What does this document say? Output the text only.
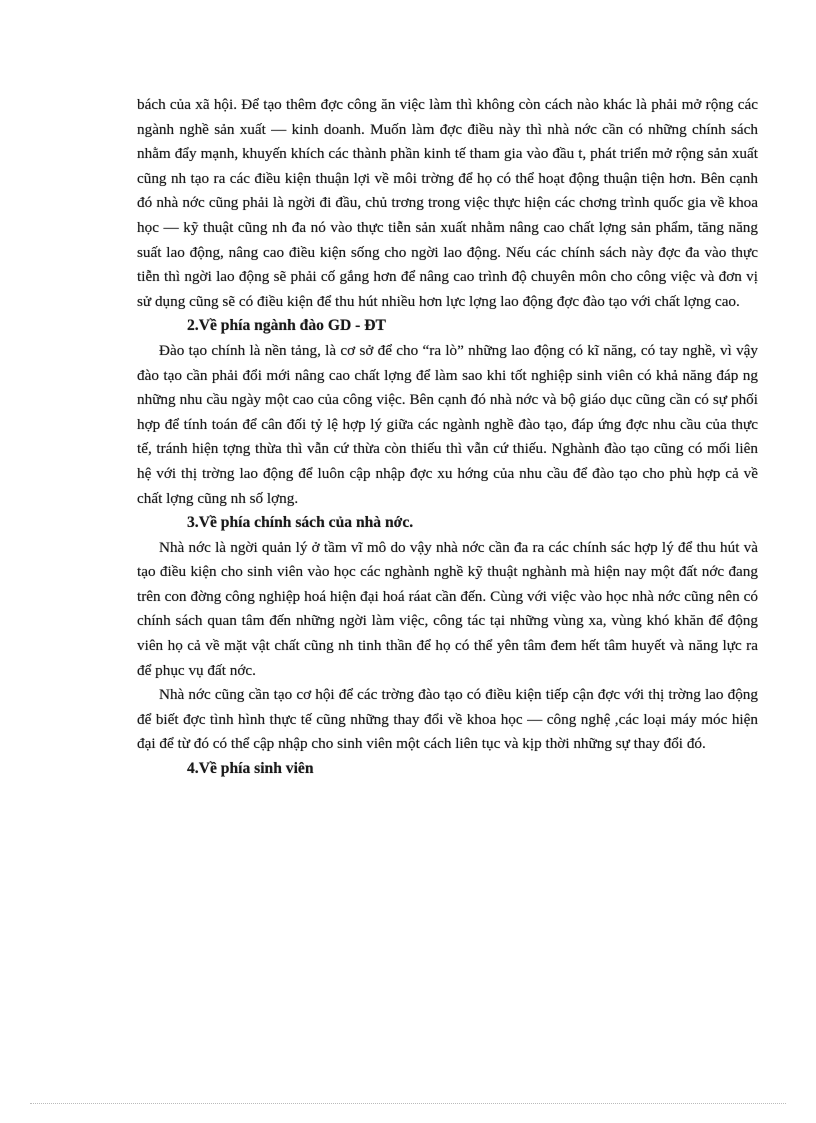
bách của xã hội. Để tạo thêm đợc công ăn việc làm thì không còn cách nào khác là phải mở rộng các ngành nghề sản xuất — kinh doanh. Muốn làm đợc điều này thì nhà nớc cần có những chính sách nhằm đẩy mạnh, khuyến khích các thành phần kinh tế tham gia vào đầu t, phát triển mở rộng sản xuất cũng nh tạo ra các điều kiện thuận lợi về môi trờng để họ có thể hoạt động thuận tiện hơn. Bên cạnh đó nhà nớc cũng phải là ngời đi đầu, chủ trơng trong việc thực hiện các chơng trình quốc gia về khoa học — kỹ thuật cũng nh đa nó vào thực tiễn sản xuất nhằm nâng cao chất lợng sản phẩm, tăng năng suất lao động, nâng cao điều kiện sống cho ngời lao động. Nếu các chính sách này đợc đa vào thực tiễn thì ngời lao động sẽ phải cố gắng hơn để nâng cao trình độ chuyên môn cho công việc và đơn vị sử dụng cũng sẽ có điều kiện để thu hút nhiều hơn lực lợng lao động đợc đào tạo với chất lợng cao.

2.Về phía ngành đào GD - ĐT

Đào tạo chính là nền tảng, là cơ sở để cho “ra lò” những lao động có kĩ năng, có tay nghề, vì vậy đào tạo cần phải đổi mới nâng cao chất lợng để làm sao khi tốt nghiệp sinh viên có khả năng đáp ng những nhu cầu ngày một cao của công việc. Bên cạnh đó nhà nớc và bộ giáo dục cũng cần có sự phối hợp để tính toán để cân đối tỷ lệ hợp lý giữa các ngành nghề đào tạo, đáp ứng đợc nhu cầu của thực tế, tránh hiện tợng thừa thì vẫn cứ thừa còn thiếu thì vẫn cứ thiếu. Nghành đào tạo cũng có mối liên hệ với thị trờng lao động để luôn cập nhập đợc xu hớng của nhu cầu để đào tạo cho phù hợp cả về chất lợng cũng nh số lợng.

3.Về phía chính sách của nhà nớc.

Nhà nớc là ngời quản lý ở tầm vĩ mô do vậy nhà nớc cần đa ra các chính sác hợp lý để thu hút và tạo điều kiện cho sinh viên vào học các nghành nghề kỹ thuật nghành mà hiện nay một đất nớc đang trên con đờng công nghiệp hoá hiện đại hoá ráat cần đến. Cùng với việc vào học nhà nớc cũng nên có chính sách quan tâm đến những ngời làm việc, công tác tại những vùng xa, vùng khó khăn để động viên họ cả về mặt vật chất cũng nh tinh thần để họ có thể yên tâm đem hết tâm huyết và năng lực ra để phục vụ đất nớc.

Nhà nớc cũng cần tạo cơ hội để các trờng đào tạo có điều kiện tiếp cận đợc với thị trờng lao động để biết đợc tình hình thực tế cũng những thay đổi về khoa học — công nghệ ,các loại máy móc hiện đại để từ đó có thể cập nhập cho sinh viên một cách liên tục và kịp thời những sự thay đổi đó.

4.Về phía sinh viên
